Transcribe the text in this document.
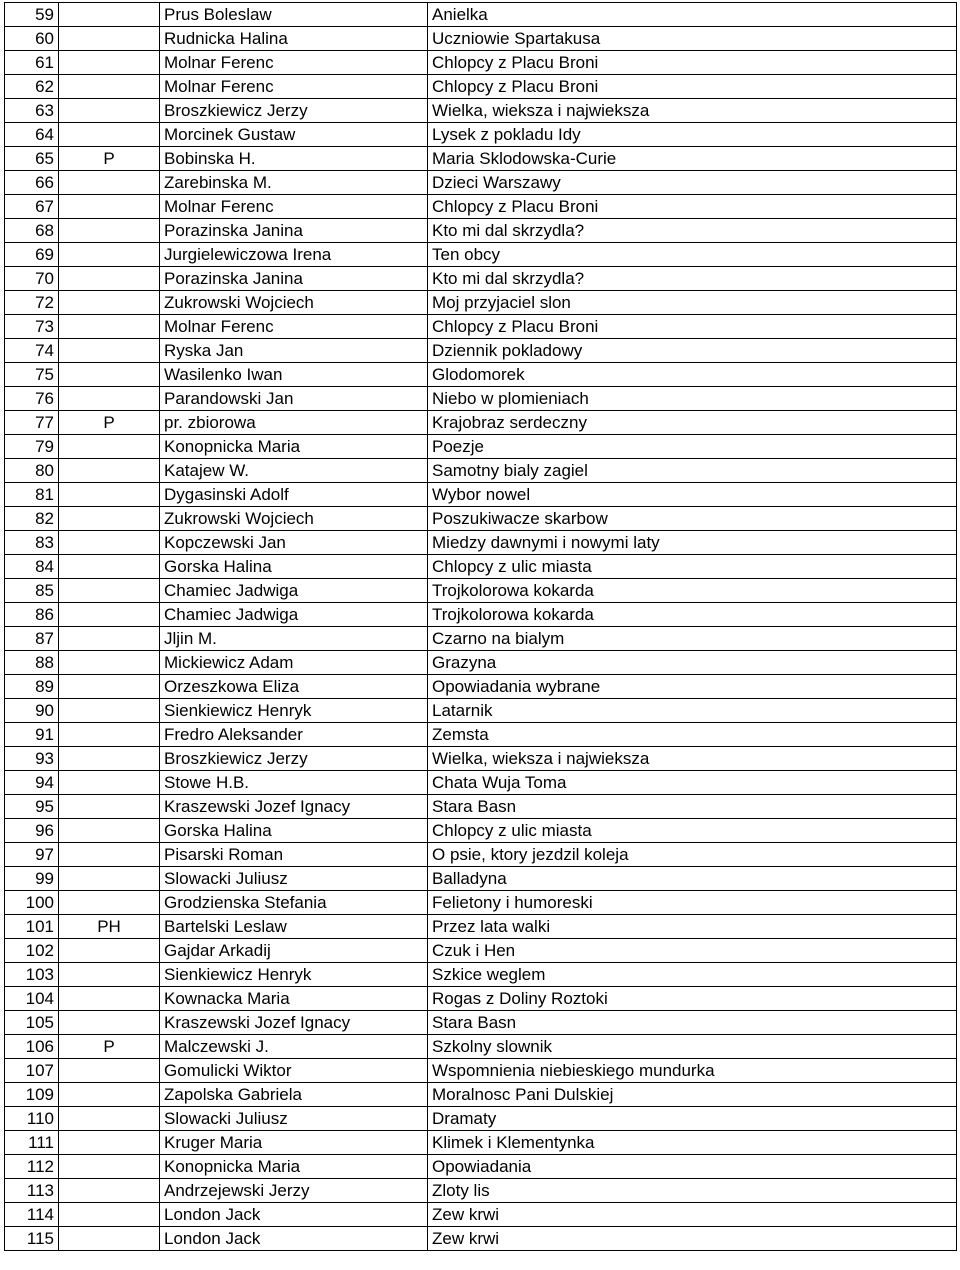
59		Prus Boleslaw	Anielka
60		Rudnicka Halina	Uczniowie Spartakusa
61		Molnar Ferenc	Chlopcy z Placu Broni
62		Molnar Ferenc	Chlopcy z Placu Broni
63		Broszkiewicz Jerzy	Wielka, wieksza i najwieksza
64		Morcinek Gustaw	Lysek z pokladu Idy
65	P	Bobinska H.	Maria Sklodowska-Curie
66		Zarebinska M.	Dzieci Warszawy
67		Molnar Ferenc	Chlopcy z Placu Broni
68		Porazinska Janina	Kto mi dal skrzydla?
69		Jurgielewiczowa Irena	Ten obcy
70		Porazinska Janina	Kto mi dal skrzydla?
72		Zukrowski Wojciech	Moj przyjaciel slon
73		Molnar Ferenc	Chlopcy z Placu Broni
74		Ryska Jan	Dziennik pokladowy
75		Wasilenko Iwan	Glodomorek
76		Parandowski Jan	Niebo w plomieniach
77	P	pr. zbiorowa	Krajobraz serdeczny
79		Konopnicka Maria	Poezje
80		Katajew W.	Samotny bialy zagiel
81		Dygasinski Adolf	Wybor nowel
82		Zukrowski Wojciech	Poszukiwacze skarbow
83		Kopczewski Jan	Miedzy dawnymi i nowymi laty
84		Gorska Halina	Chlopcy z ulic miasta
85		Chamiec Jadwiga	Trojkolorowa kokarda
86		Chamiec Jadwiga	Trojkolorowa kokarda
87		Jljin M.	Czarno na bialym
88		Mickiewicz Adam	Grazyna
89		Orzeszkowa Eliza	Opowiadania wybrane
90		Sienkiewicz Henryk	Latarnik
91		Fredro Aleksander	Zemsta
93		Broszkiewicz Jerzy	Wielka, wieksza i najwieksza
94		Stowe H.B.	Chata Wuja Toma
95		Kraszewski Jozef Ignacy	Stara Basn
96		Gorska Halina	Chlopcy z ulic miasta
97		Pisarski Roman	O psie, ktory jezdzil koleja
99		Slowacki Juliusz	Balladyna
100		Grodzienska Stefania	Felietony i humoreski
101	PH	Bartelski Leslaw	Przez lata walki
102		Gajdar Arkadij	Czuk i Hen
103		Sienkiewicz Henryk	Szkice weglem
104		Kownacka Maria	Rogas z Doliny Roztoki
105		Kraszewski Jozef Ignacy	Stara Basn
106	P	Malczewski J.	Szkolny slownik
107		Gomulicki Wiktor	Wspomnienia niebieskiego mundurka
109		Zapolska Gabriela	Moralnosc Pani Dulskiej
110		Slowacki Juliusz	Dramaty
111		Kruger Maria	Klimek i Klementynka
112		Konopnicka Maria	Opowiadania
113		Andrzejewski Jerzy	Zloty lis
114		London Jack	Zew krwi
115		London Jack	Zew krwi
